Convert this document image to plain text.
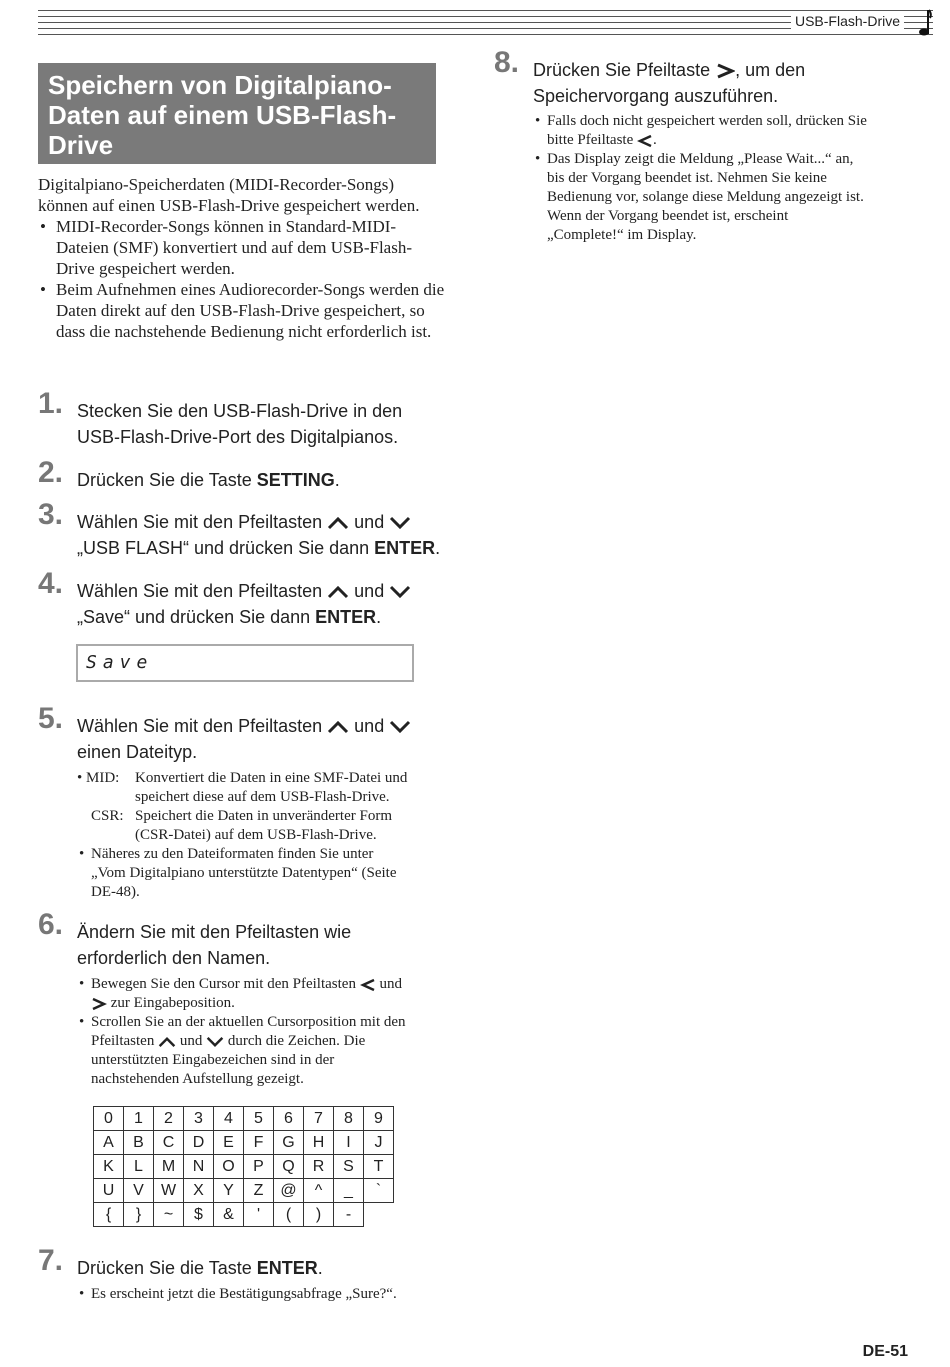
USB-Flash-Drive
Speichern von Digitalpiano-Daten auf einem USB-Flash-Drive
Digitalpiano-Speicherdaten (MIDI-Recorder-Songs) können auf einen USB-Flash-Drive gespeichert werden.
• MIDI-Recorder-Songs können in Standard-MIDI-Dateien (SMF) konvertiert und auf dem USB-Flash-Drive gespeichert werden.
• Beim Aufnehmen eines Audiorecorder-Songs werden die Daten direkt auf den USB-Flash-Drive gespeichert, so dass die nachstehende Bedienung nicht erforderlich ist.
1. Stecken Sie den USB-Flash-Drive in den
USB-Flash-Drive-Port des Digitalpianos.
2. Drücken Sie die Taste SETTING.
3. Wählen Sie mit den Pfeiltasten und
„USB FLASH“ und drücken Sie dann ENTER.
4. Wählen Sie mit den Pfeiltasten und
„Save“ und drücken Sie dann ENTER.
Save
5. Wählen Sie mit den Pfeiltasten und
einen Dateityp.
• MID: Konvertiert die Daten in eine SMF-Datei und
speichert diese auf dem USB-Flash-Drive.
CSR: Speichert die Daten in unveränderter Form
(CSR-Datei) auf dem USB-Flash-Drive.
• Näheres zu den Dateiformaten finden Sie unter
„Vom Digitalpiano unterstützte Datentypen“ (Seite
DE-48).
6. Ändern Sie mit den Pfeiltasten wie
erforderlich den Namen.
• Bewegen Sie den Cursor mit den Pfeiltasten und
zur Eingabeposition.
• Scrollen Sie an der aktuellen Cursorposition mit den
Pfeiltasten und durch die Zeichen. Die
unterstützten Eingabezeichen sind in der
nachstehenden Aufstellung gezeigt.
0	1	2	3	4	5	6	7	8	9
A	B	C	D	E	F	G	H	I	J
K	L	M	N	O	P	Q	R	S	T
U	V	W	X	Y	Z	@	^	_	`
{	}	~	$	&	'	(	)	-	
7. Drücken Sie die Taste ENTER.
• Es erscheint jetzt die Bestätigungsabfrage „Sure?“.
8. Drücken Sie Pfeiltaste , um den
Speichervorgang auszuführen.
• Falls doch nicht gespeichert werden soll, drücken Sie
bitte Pfeiltaste .
• Das Display zeigt die Meldung „Please Wait...“ an,
bis der Vorgang beendet ist. Nehmen Sie keine
Bedienung vor, solange diese Meldung angezeigt ist.
Wenn der Vorgang beendet ist, erscheint
„Complete!“ im Display.
DE-51
